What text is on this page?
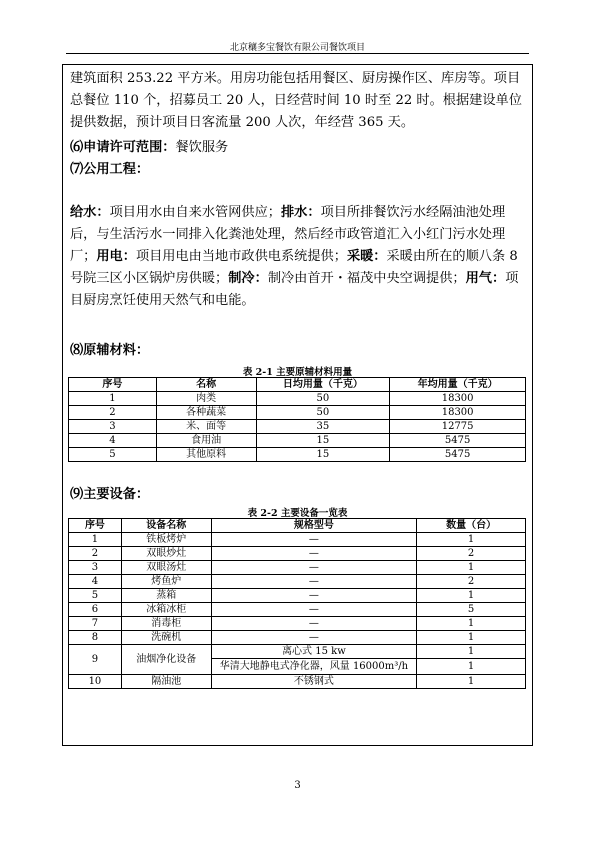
北京穰多宝餐饮有限公司餐饮项目
建筑面积 253.22 平方米。用房功能包括用餐区、厨房操作区、库房等。项目总餐位 110 个，招募员工 20 人，日经营时间 10 时至 22 时。根据建设单位提供数据，预计项目日客流量 200 人次，年经营 365 天。
⑹申请许可范围：餐饮服务
⑺公用工程：
给水：项目用水由自来水管网供应；排水：项目所排餐饮污水经隔油池处理后，与生活污水一同排入化粪池处理，然后经市政管道汇入小红门污水处理厂；用电：项目用电由当地市政供电系统提供；采暖：采暖由所在的顺八条 8 号院三区小区锅炉房供暖；制冷：制冷由首开・福茂中央空调提供；用气：项目厨房烹饪使用天然气和电能。
⑻原辅材料：
表 2-1 主要原辅材料用量
序号	名称	日均用量（千克）	年均用量（千克）
1	肉类	50	18300
2	各种蔬菜	50	18300
3	米、面等	35	12775
4	食用油	15	5475
5	其他原料	15	5475
⑼主要设备：
表 2-2 主要设备一览表
序号	设备名称	规格型号	数量（台）
1	铁板烤炉	—	1
2	双眼炒灶	—	2
3	双眼汤灶	—	1
4	烤鱼炉	—	2
5	蒸箱	—	1
6	冰箱冰柜	—	5
7	消毒柜	—	1
8	洗碗机	—	1
9	油烟净化设备	离心式 15 kw	1
		华清大地静电式净化器，风量 16000m³/h	1
10	隔油池	不锈钢式	1
3
